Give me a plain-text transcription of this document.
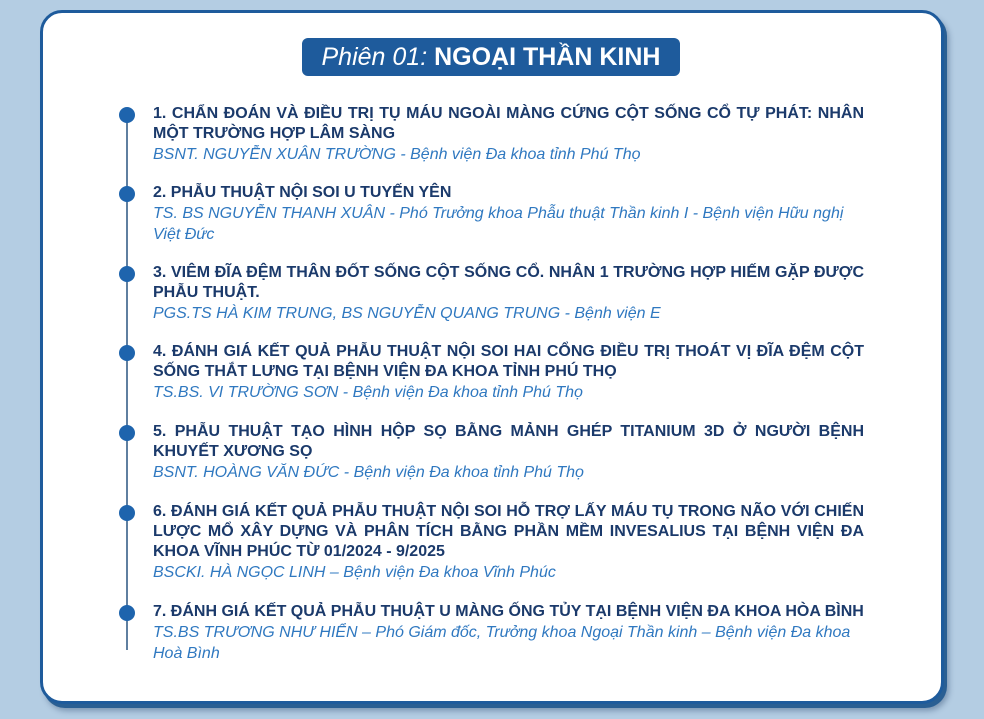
Phiên 01: NGOẠI THẦN KINH
1. CHẨN ĐOÁN VÀ ĐIỀU TRỊ TỤ MÁU NGOÀI MÀNG CỨNG CỘT SỐNG CỔ TỰ PHÁT: NHÂN MỘT TRƯỜNG HỢP LÂM SÀNG
BSNT. NGUYỄN XUÂN TRƯỜNG - Bệnh viện Đa khoa tỉnh Phú Thọ
2. PHẪU THUẬT NỘI SOI U TUYẾN YÊN
TS. BS NGUYỄN THANH XUÂN - Phó Trưởng khoa Phẫu thuật Thần kinh I - Bệnh viện Hữu nghị Việt Đức
3. VIÊM ĐĨA ĐỆM THÂN ĐỐT SỐNG CỘT SỐNG CỔ. NHÂN 1 TRƯỜNG HỢP HIẾM GẶP ĐƯỢC PHẪU THUẬT.
PGS.TS HÀ KIM TRUNG, BS NGUYỄN QUANG TRUNG - Bệnh viện E
4. ĐÁNH GIÁ KẾT QUẢ PHẪU THUẬT NỘI SOI HAI CỔNG ĐIỀU TRỊ THOÁT VỊ ĐĨA ĐỆM CỘT SỐNG THẮT LƯNG TẠI BỆNH VIỆN ĐA KHOA TỈNH PHÚ THỌ
TS.BS. VI TRƯỜNG SƠN - Bệnh viện Đa khoa tỉnh Phú Thọ
5. PHẪU THUẬT TẠO HÌNH HỘP SỌ BẰNG MẢNH GHÉP TITANIUM 3D Ở NGƯỜI BỆNH KHUYẾT XƯƠNG SỌ
BSNT. HOÀNG VĂN ĐỨC - Bệnh viện Đa khoa tỉnh Phú Thọ
6. ĐÁNH GIÁ KẾT QUẢ PHẪU THUẬT NỘI SOI HỖ TRỢ LẤY MÁU TỤ TRONG NÃO VỚI CHIẾN LƯỢC MỔ XÂY DỰNG VÀ PHÂN TÍCH BẰNG PHẦN MỀM INVESALIUS TẠI BỆNH VIỆN ĐA KHOA VĨNH PHÚC TỪ 01/2024 - 9/2025
BSCKI. HÀ NGỌC LINH – Bệnh viện Đa khoa Vĩnh Phúc
7. ĐÁNH GIÁ KẾT QUẢ PHẪU THUẬT U MÀNG ỐNG TỦY TẠI BỆNH VIỆN ĐA KHOA HÒA BÌNH
TS.BS TRƯƠNG NHƯ HIỂN – Phó Giám đốc, Trưởng khoa Ngoại Thần kinh – Bệnh viện Đa khoa Hoà Bình
